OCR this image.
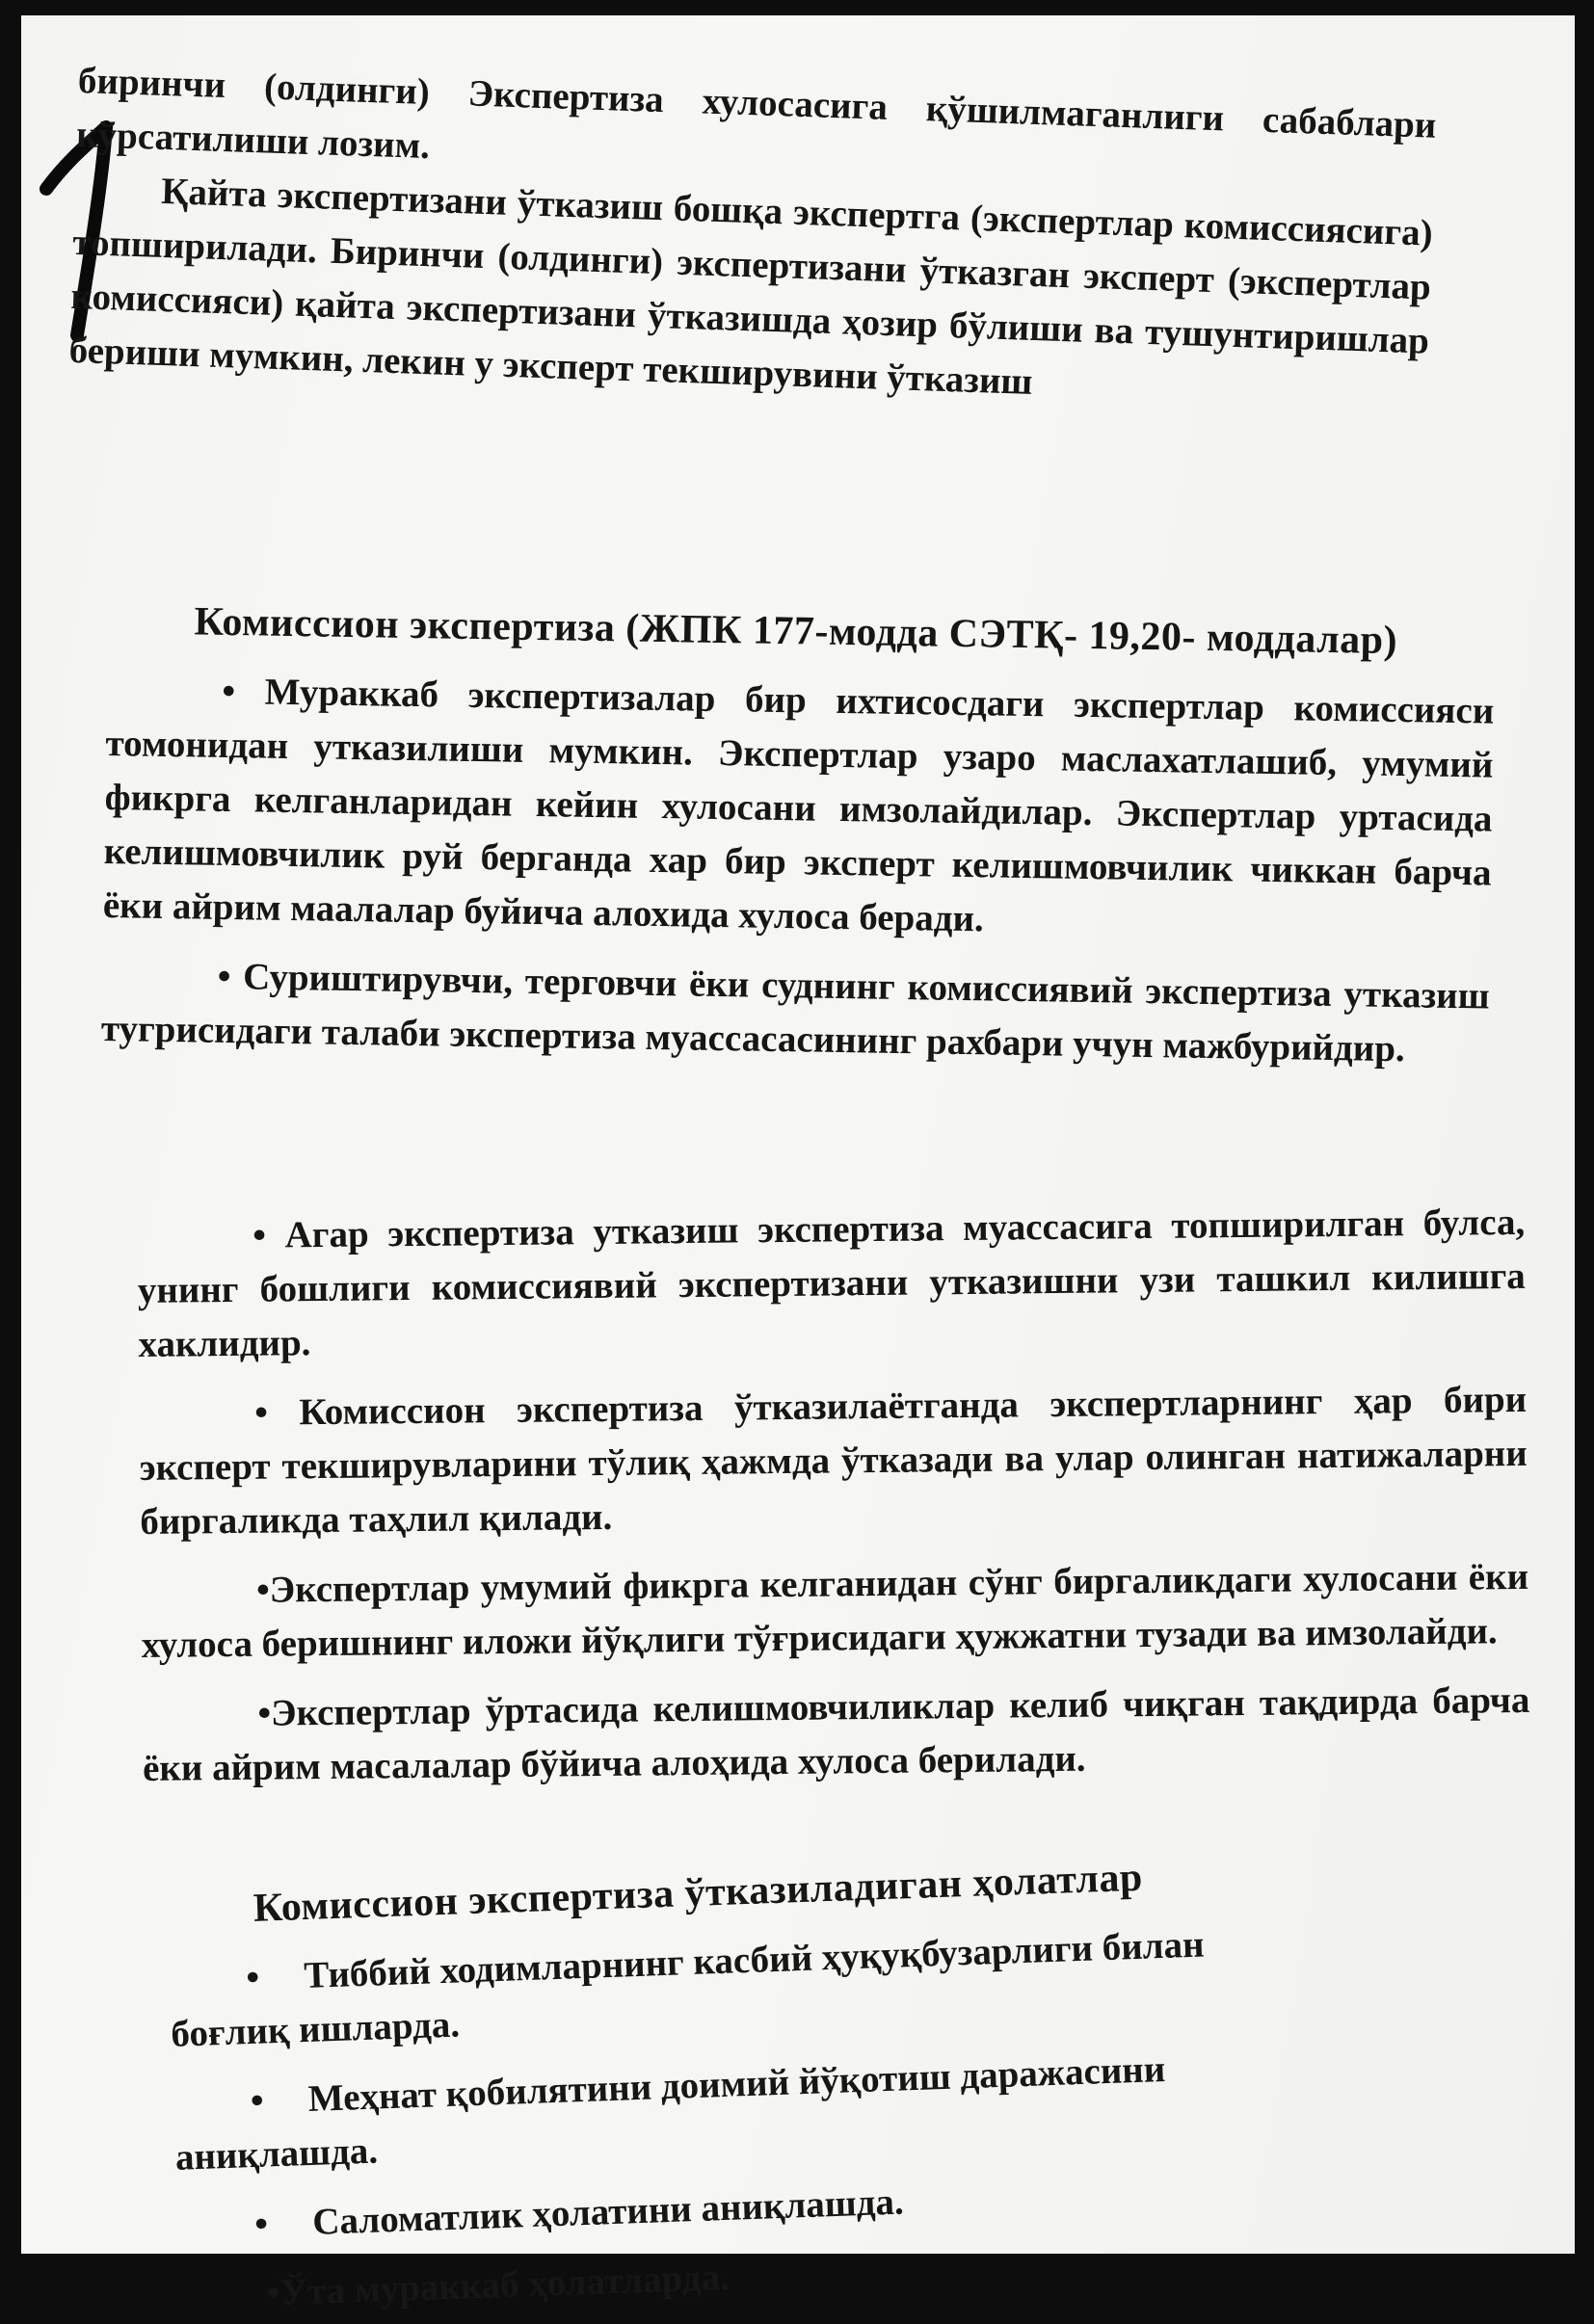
биринчи (олдинги) Экспертиза хулосасига қўшилмаганлиги сабаблари кўрсатилиши лозим.

Қайта экспертизани ўтказиш бошқа экспертга (экспертлар комиссиясига) топширилади. Биринчи (олдинги) экспертизани ўтказган эксперт (экспертлар комиссияси) қайта экспертизани ўтказишда ҳозир бўлиши ва тушунтиришлар бериши мумкин, лекин у эксперт текширувини ўтказиш

Комиссион экспертиза (ЖПК 177-модда СЭТҚ- 19,20- моддалар)

• Мураккаб экспертизалар бир ихтисосдаги экспертлар комиссияси томонидан утказилиши мумкин. Экспертлар узаро маслахатлашиб, умумий фикрга келганларидан кейин хулосани имзолайдилар. Экспертлар уртасида келишмовчилик руй берганда хар бир эксперт келишмовчилик чиккан барча ёки айрим маалалар буйича алохида хулоса беради.

• Суриштирувчи, терговчи ёки суднинг комиссиявий экспертиза утказиш тугрисидаги талаби экспертиза муассасасининг рахбари учун мажбурийдир.

• Агар экспертиза утказиш экспертиза муассасига топширилган булса, унинг бошлиги комиссиявий экспертизани утказишни узи ташкил килишга хаклидир.

• Комиссион экспертиза ўтказилаётганда экспертларнинг ҳар бири эксперт текширувларини тўлиқ ҳажмда ўтказади ва улар олинган натижаларни биргаликда таҳлил қилади.

•Экспертлар умумий фикрга келганидан сўнг биргаликдаги хулосани ёки хулоса беришнинг иложи йўқлиги тўғрисидаги ҳужжатни тузади ва имзолайди.

•Экспертлар ўртасида келишмовчиликлар келиб чиқган тақдирда барча ёки айрим масалалар бўйича алоҳида хулоса берилади.

Комиссион экспертиза ўтказиладиган ҳолатлар

•	Тиббий ходимларнинг касбий ҳуқуқбузарлиги билан

боғлиқ ишларда.

•	Меҳнат қобилятини доимий йўқотиш даражасини

аниқлашда.

•	Саломатлик ҳолатини аниқлашда.

•Ўта мураккаб ҳолатларда.
